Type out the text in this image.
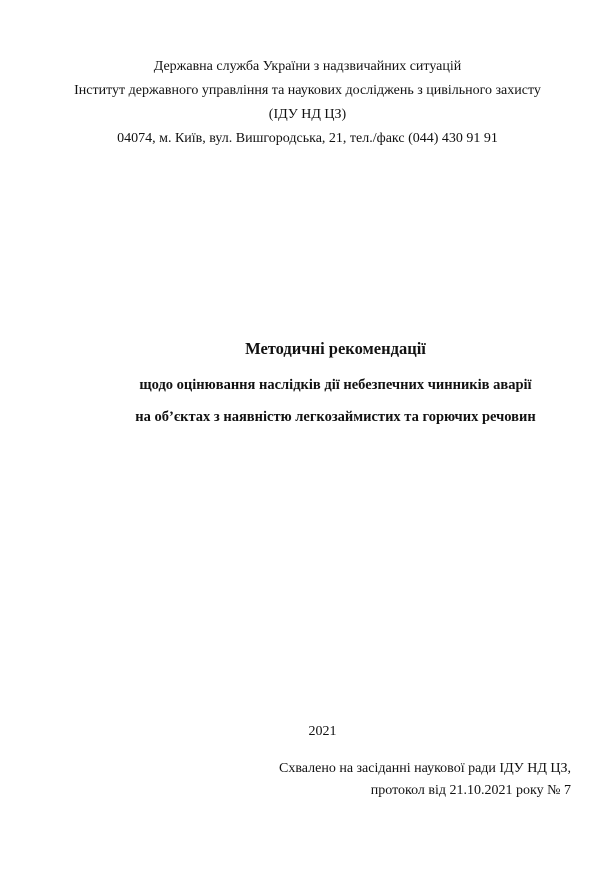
Державна служба України з надзвичайних ситуацій
Інститут державного управління та наукових досліджень з цивільного захисту
(ІДУ НД ЦЗ)
04074, м. Київ, вул. Вишгородська, 21, тел./факс (044) 430 91 91
Методичні рекомендації
щодо оцінювання наслідків дії небезпечних чинників аварії
на об’єктах з наявністю легкозаймистих та горючих речовин
2021
Схвалено на засіданні наукової ради ІДУ НД ЦЗ,
протокол від 21.10.2021 року № 7
